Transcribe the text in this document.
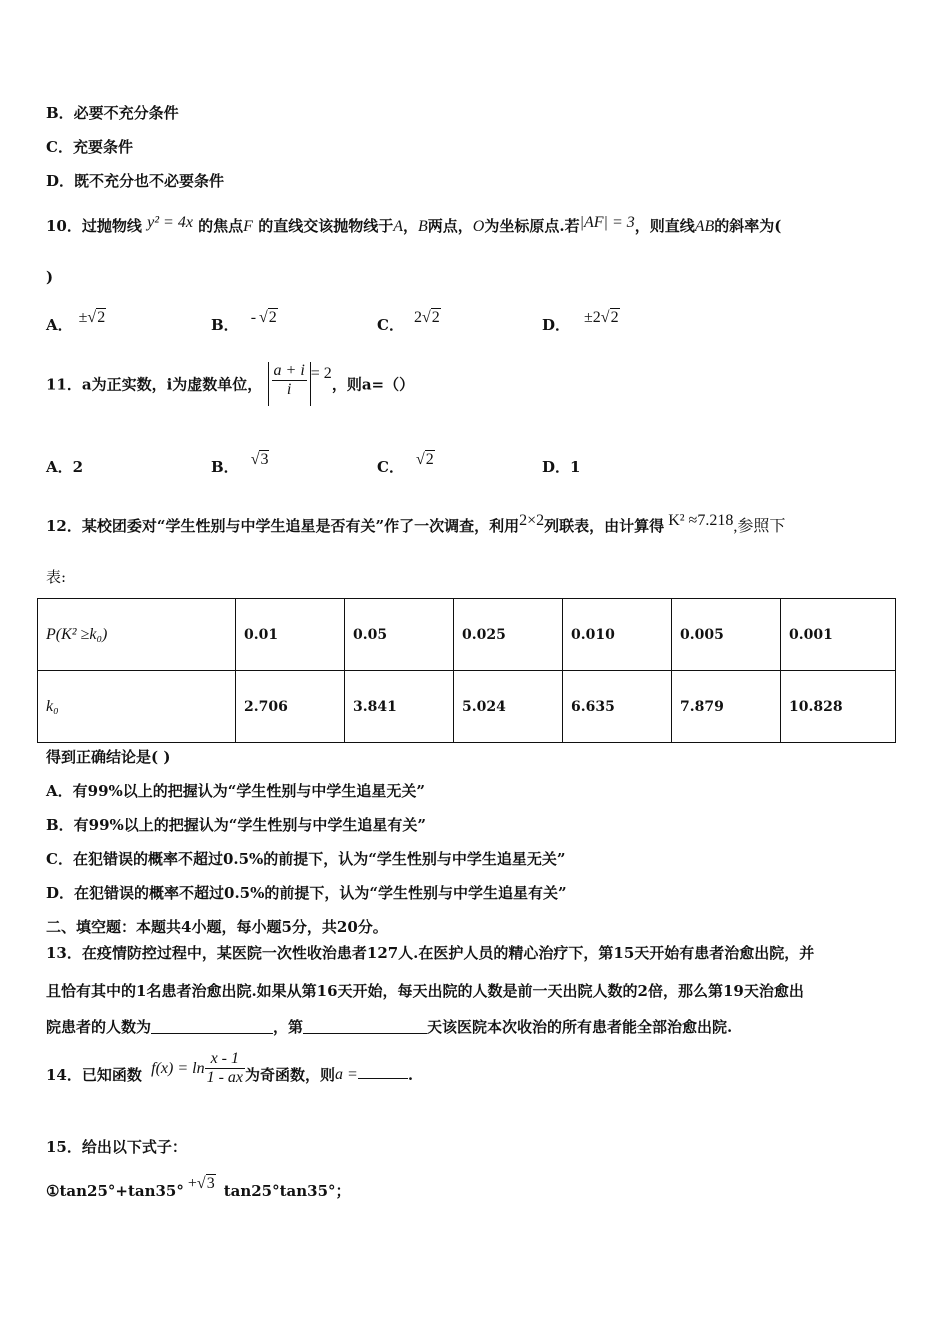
B．必要不充分条件
C．充要条件
D．既不充分也不必要条件
10．过抛物线 y² = 4x 的焦点F 的直线交该抛物线于A，B两点，O为坐标原点.若|AF| = 3，则直线AB的斜率为(
)
A． ±√2	B． - √2	C． 2√2	D． ±2√2
11．a为正实数，i为虚数单位， $\frac{a + i}{i} = 2$，则a=（）
A．2	B． √3	C． √2	D．1
12．某校团委对“学生性别与中学生追星是否有关”作了一次调查，利用2×2列联表，由计算得 K² ≈7.218,参照下
表:
P(K² ≥k₀)	0.01	0.05	0.025	0.010	0.005	0.001
k₀	2.706	3.841	5.024	6.635	7.879	10.828
得到正确结论是( )
A．有99%以上的把握认为“学生性别与中学生追星无关”
B．有99%以上的把握认为“学生性别与中学生追星有关”
C．在犯错误的概率不超过0.5%的前提下，认为“学生性别与中学生追星无关”
D．在犯错误的概率不超过0.5%的前提下，认为“学生性别与中学生追星有关”
二、填空题：本题共4小题，每小题5分，共20分。
13．在疫情防控过程中，某医院一次性收治患者127人.在医护人员的精心治疗下，第15天开始有患者治愈出院，并
且恰有其中的1名患者治愈出院.如果从第16天开始，每天出院的人数是前一天出院人数的2倍，那么第19天治愈出
院患者的人数为	，第	天该医院本次收治的所有患者能全部治愈出院.
14．已知函数 $f(x) = \ln \frac{x - 1}{1 - ax}$ 为奇函数，则a =	.
15．给出以下式子：
①tan25°+tan35° +√3 tan25°tan35°；
